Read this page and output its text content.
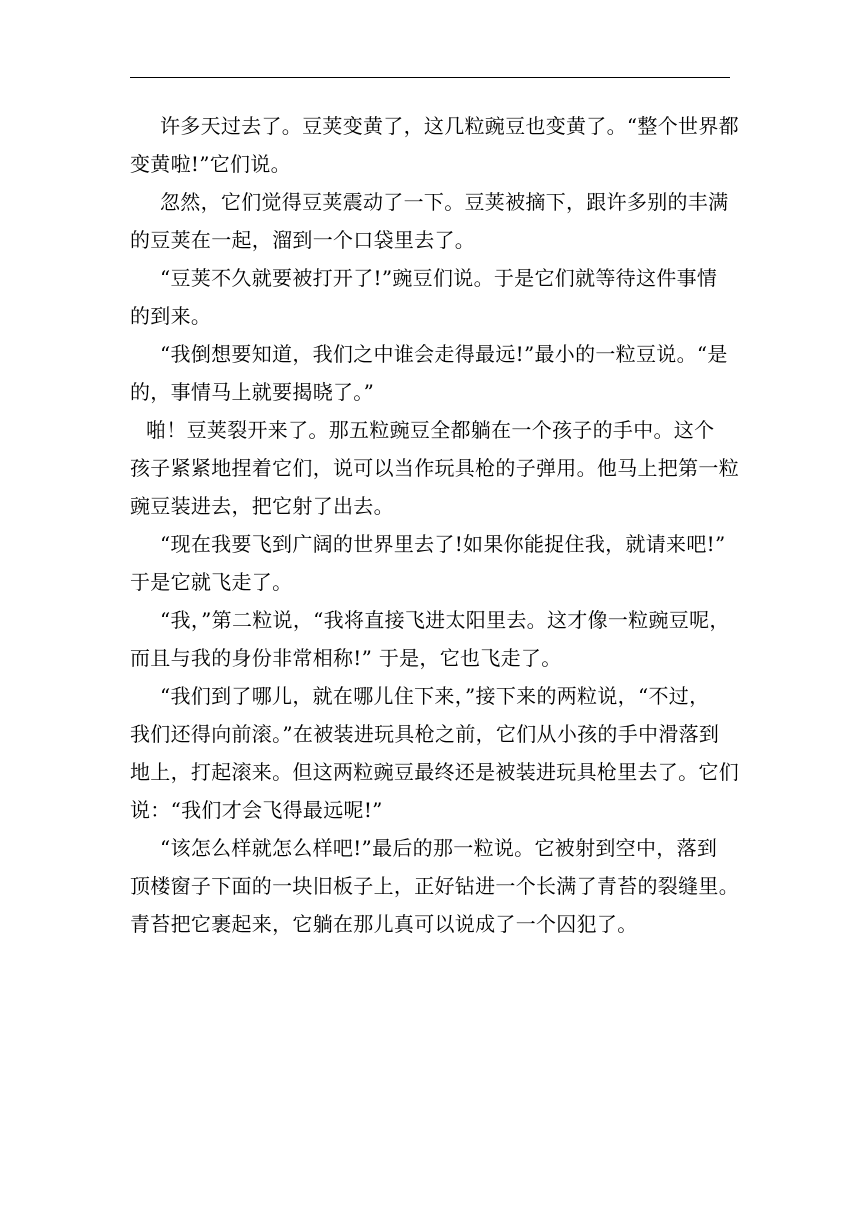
许多天过去了。豆荚变黄了，这几粒豌豆也变黄了。“整个世界都
变黄啦!”它们说。

忽然，它们觉得豆荚震动了一下。豆荚被摘下，跟许多别的丰满
的豆荚在一起，溜到一个口袋里去了。

“豆荚不久就要被打开了!”豌豆们说。于是它们就等待这件事情
的到来。

“我倒想要知道，我们之中谁会走得最远!”最小的一粒豆说。“是
的，事情马上就要揭晓了。”

啪！豆荚裂开来了。那五粒豌豆全都躺在一个孩子的手中。这个
孩子紧紧地捏着它们，说可以当作玩具枪的子弹用。他马上把第一粒
豌豆装进去，把它射了出去。

“现在我要飞到广阔的世界里去了!如果你能捉住我，就请来吧!”
于是它就飞走了。

“我，”第二粒说，“我将直接飞进太阳里去。这才像一粒豌豆呢，
而且与我的身份非常相称!” 于是，它也飞走了。

“我们到了哪儿，就在哪儿住下来，”接下来的两粒说，“不过，
我们还得向前滚。”在被装进玩具枪之前，它们从小孩的手中滑落到
地上，打起滚来。但这两粒豌豆最终还是被装进玩具枪里去了。它们
说：“我们才会飞得最远呢!”

“该怎么样就怎么样吧!”最后的那一粒说。它被射到空中，落到
顶楼窗子下面的一块旧板子上，正好钻进一个长满了青苔的裂缝里。
青苔把它裹起来，它躺在那儿真可以说成了一个囚犯了。
